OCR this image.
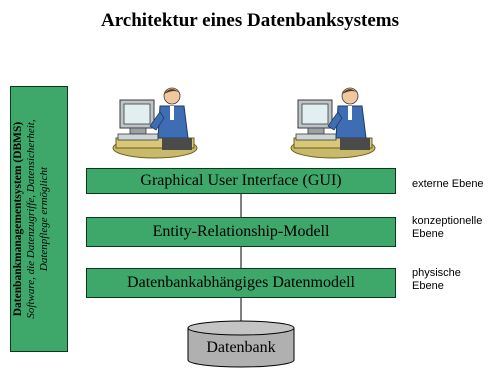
Architektur eines Datenbanksystems
Datenbankmanagementsystem (DBMS) Software, die Datenzugriffe, Datensicherheit, Datenpflege ermöglicht	Graphical User Interface (GUI)	externe Ebene
Entity-Relationship-Modell
konzeptionelle
Ebene
Datenbankabhängiges Datenmodell
physische
Ebene
Datenbank
